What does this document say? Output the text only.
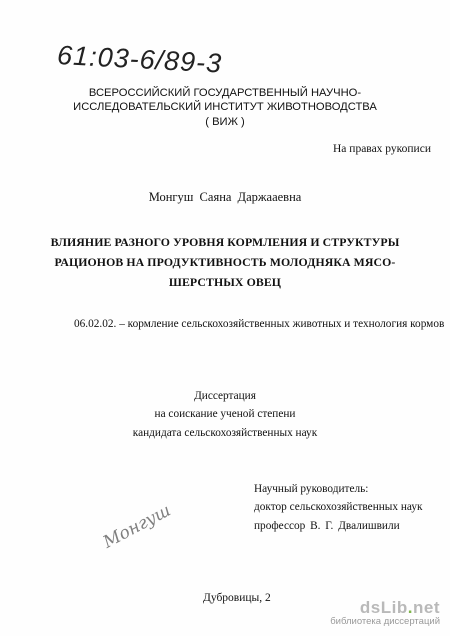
61:03-6/89-3
ВСЕРОССИЙСКИЙ ГОСУДАРСТВЕННЫЙ НАУЧНО-
ИССЛЕДОВАТЕЛЬСКИЙ ИНСТИТУТ ЖИВОТНОВОДСТВА
( ВИЖ )
На правах рукописи
Монгуш Саяна Даржааевна
ВЛИЯНИЕ РАЗНОГО УРОВНЯ КОРМЛЕНИЯ И СТРУКТУРЫ
РАЦИОНОВ НА ПРОДУКТИВНОСТЬ МОЛОДНЯКА МЯСО-
ШЕРСТНЫХ ОВЕЦ
06.02.02. – кормление сельскохозяйственных животных и технология кормов
Диссертация
на соискание ученой степени
кандидата сельскохозяйственных наук
Научный руководитель:
доктор сельскохозяйственных наук
профессор В. Г. Двалишвили
Монгуш
Дубровицы, 2	dsLib.net
библиотека диссертаций
